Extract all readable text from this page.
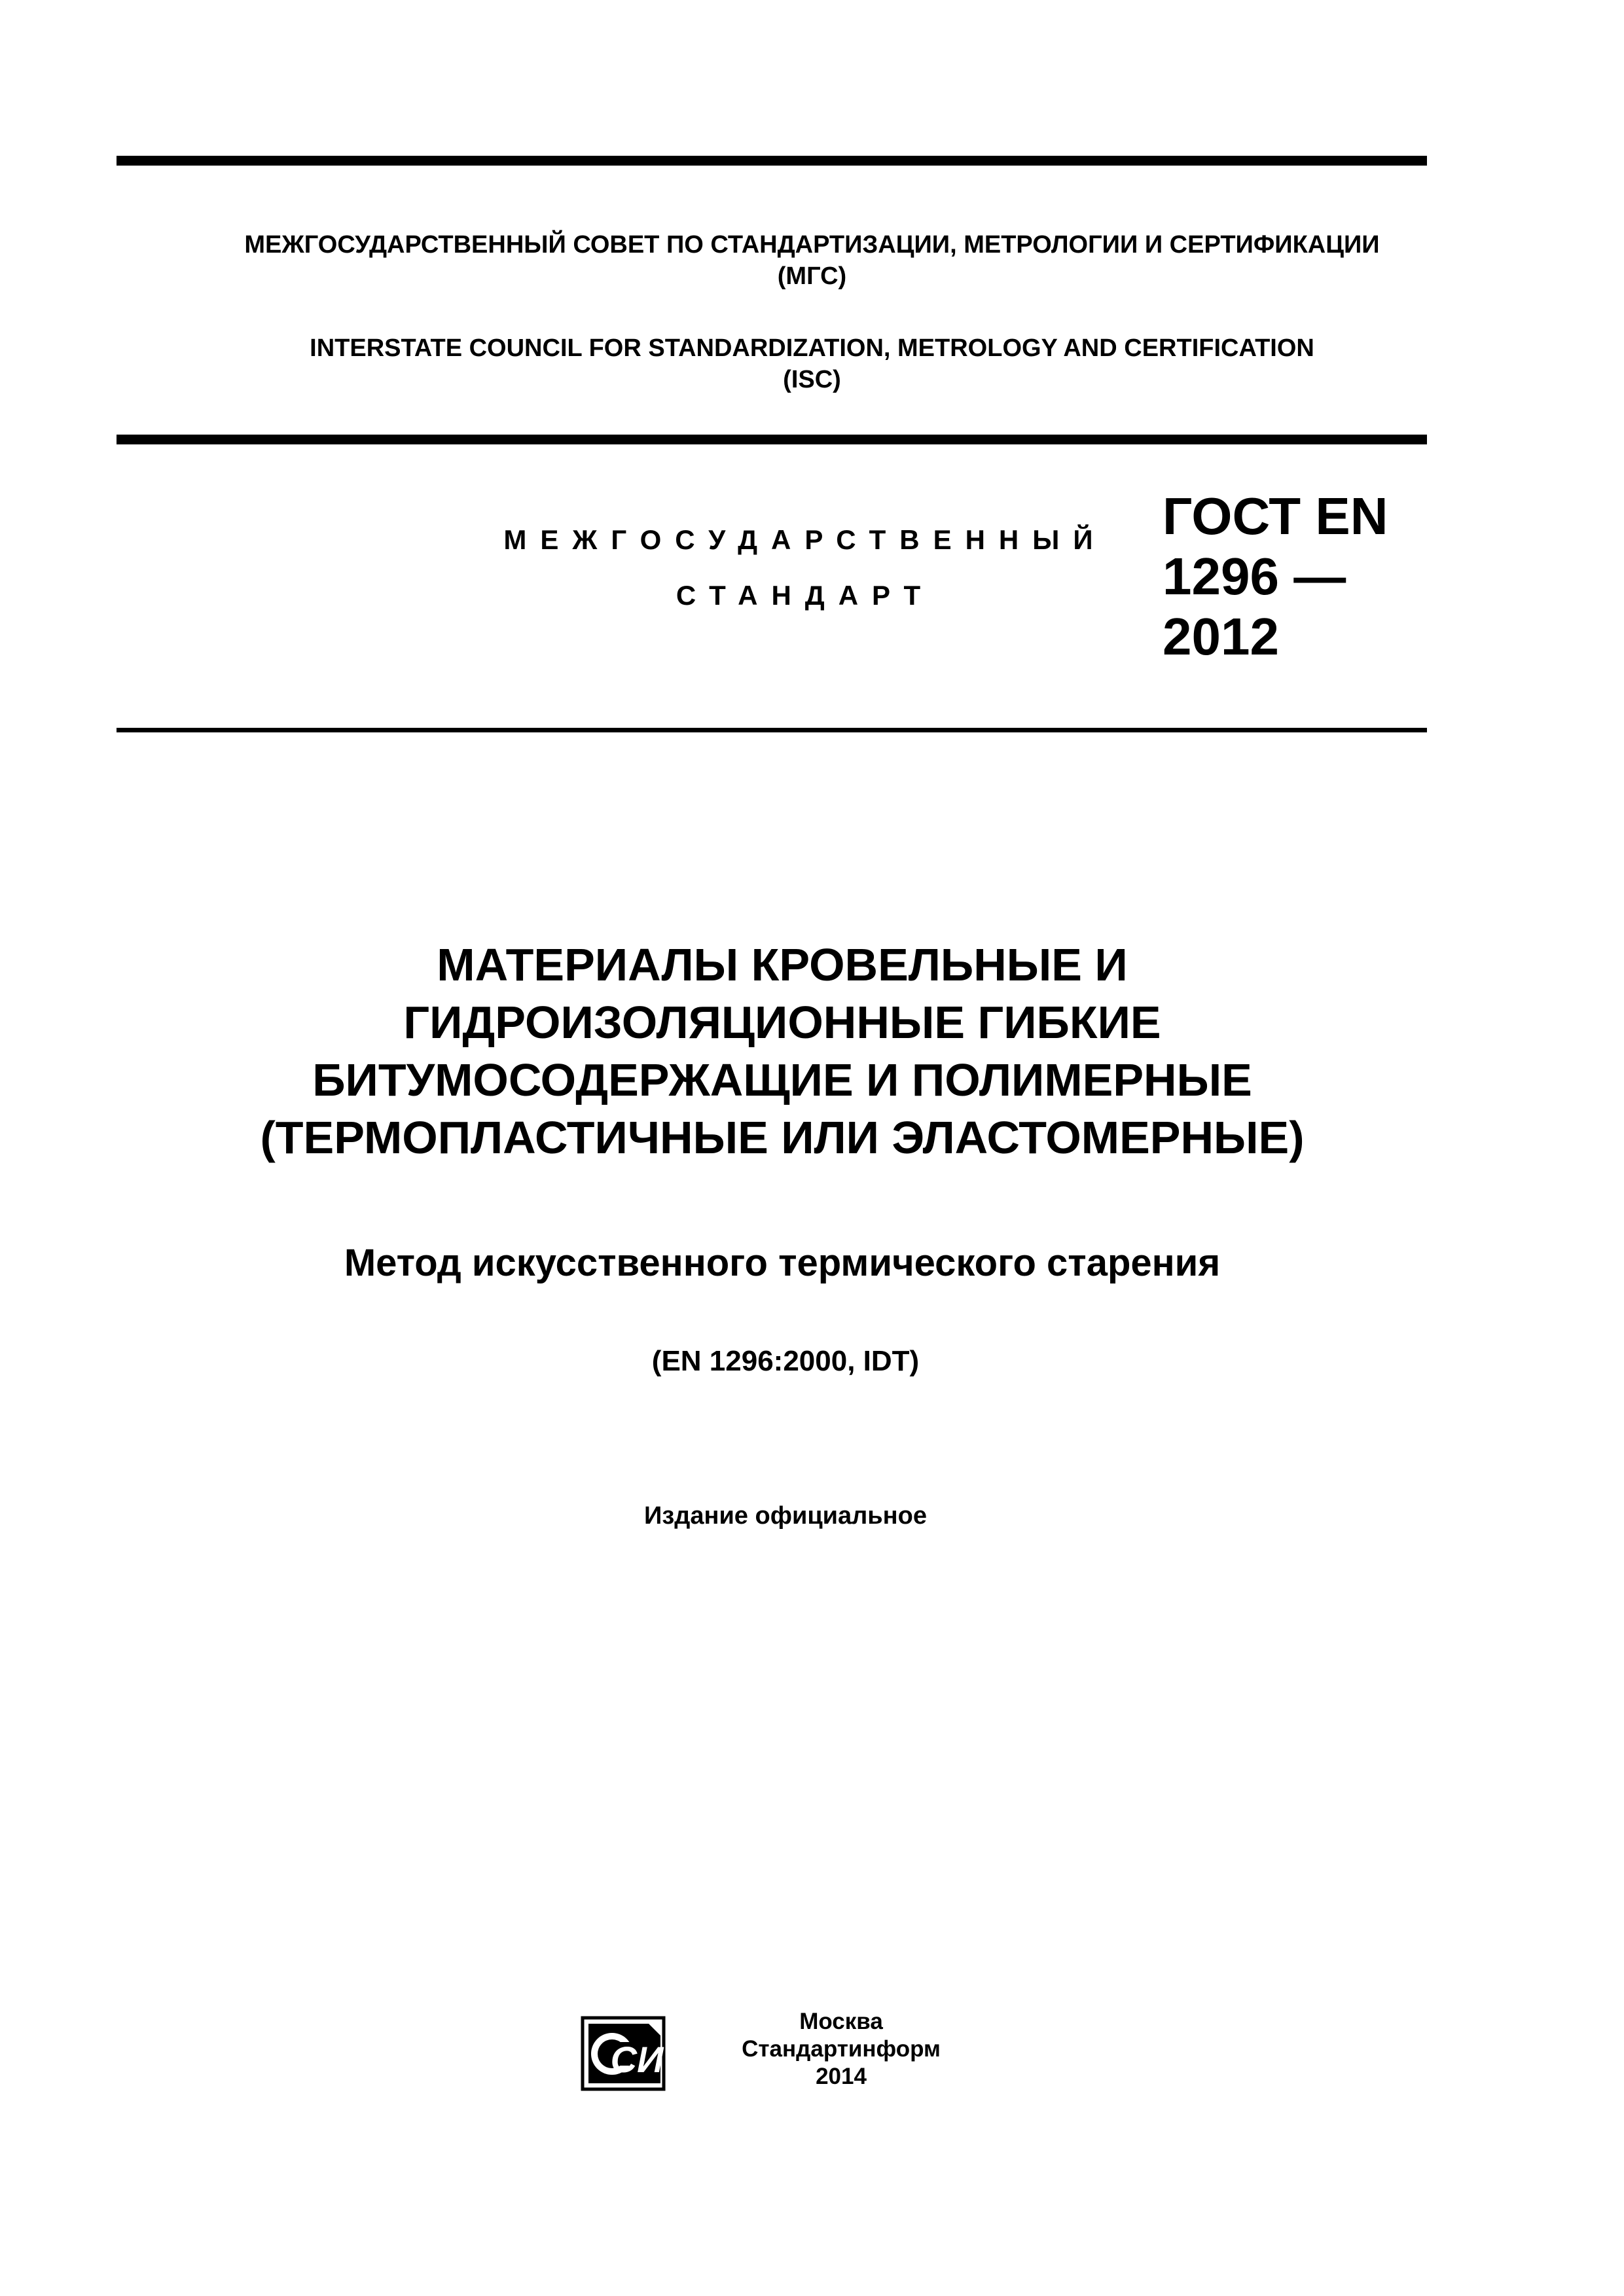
МЕЖГОСУДАРСТВЕННЫЙ СОВЕТ ПО СТАНДАРТИЗАЦИИ, МЕТРОЛОГИИ И СЕРТИФИКАЦИИ
(МГС)
INTERSTATE COUNCIL FOR STANDARDIZATION, METROLOGY AND CERTIFICATION
(ISC)
МЕЖГОСУДАРСТВЕННЫЙ
СТАНДАРТ
ГОСТ EN
1296 —
2012
МАТЕРИАЛЫ КРОВЕЛЬНЫЕ И
ГИДРОИЗОЛЯЦИОННЫЕ ГИБКИЕ
БИТУМОСОДЕРЖАЩИЕ И ПОЛИМЕРНЫЕ
(ТЕРМОПЛАСТИЧНЫЕ ИЛИ ЭЛАСТОМЕРНЫЕ)
Метод искусственного термического старения
(EN 1296:2000, IDT)
Издание официальное
СИ
Москва
Стандартинформ
2014
